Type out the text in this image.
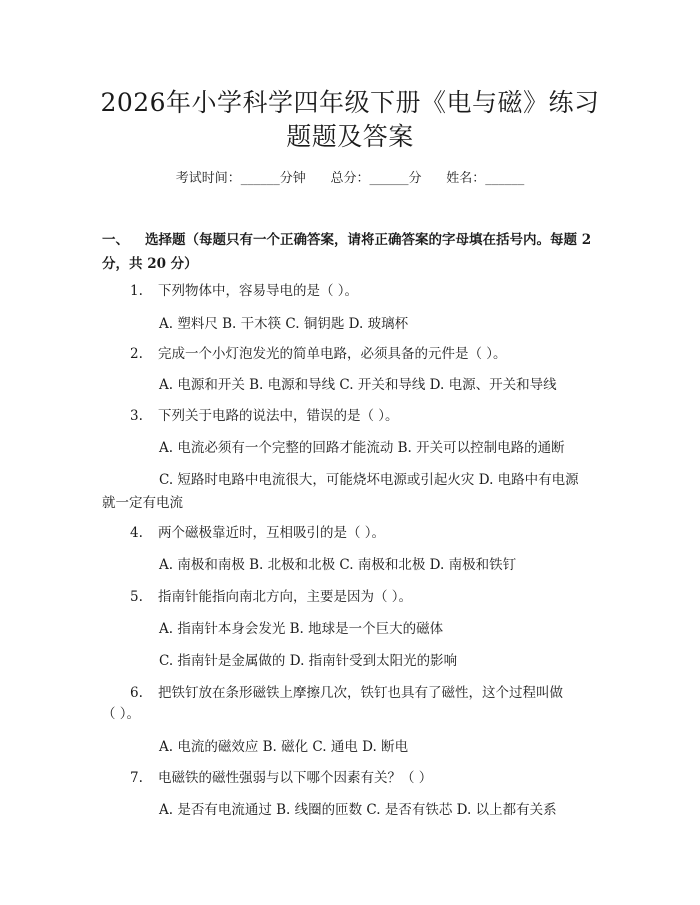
2026年小学科学四年级下册《电与磁》练习
题题及答案
考试时间：______分钟      总分：______分      姓名：______
一、 选择题（每题只有一个正确答案，请将正确答案的字母填在括号内。每题 2
分，共 20 分）
1. 下列物体中，容易导电的是（ ）。
A. 塑料尺 B. 干木筷 C. 铜钥匙 D. 玻璃杯
2. 完成一个小灯泡发光的简单电路，必须具备的元件是（ ）。
A. 电源和开关 B. 电源和导线 C. 开关和导线 D. 电源、开关和导线
3. 下列关于电路的说法中，错误的是（ ）。
A. 电流必须有一个完整的回路才能流动 B. 开关可以控制电路的通断
C. 短路时电路中电流很大，可能烧坏电源或引起火灾 D. 电路中有电源
就一定有电流
4. 两个磁极靠近时，互相吸引的是（ ）。
A. 南极和南极 B. 北极和北极 C. 南极和北极 D. 南极和铁钉
5. 指南针能指向南北方向，主要是因为（ ）。
A. 指南针本身会发光 B. 地球是一个巨大的磁体
C. 指南针是金属做的 D. 指南针受到太阳光的影响
6. 把铁钉放在条形磁铁上摩擦几次，铁钉也具有了磁性，这个过程叫做
（ ）。
A. 电流的磁效应 B. 磁化 C. 通电 D. 断电
7. 电磁铁的磁性强弱与以下哪个因素有关？（ ）
A. 是否有电流通过 B. 线圈的匝数 C. 是否有铁芯 D. 以上都有关系
